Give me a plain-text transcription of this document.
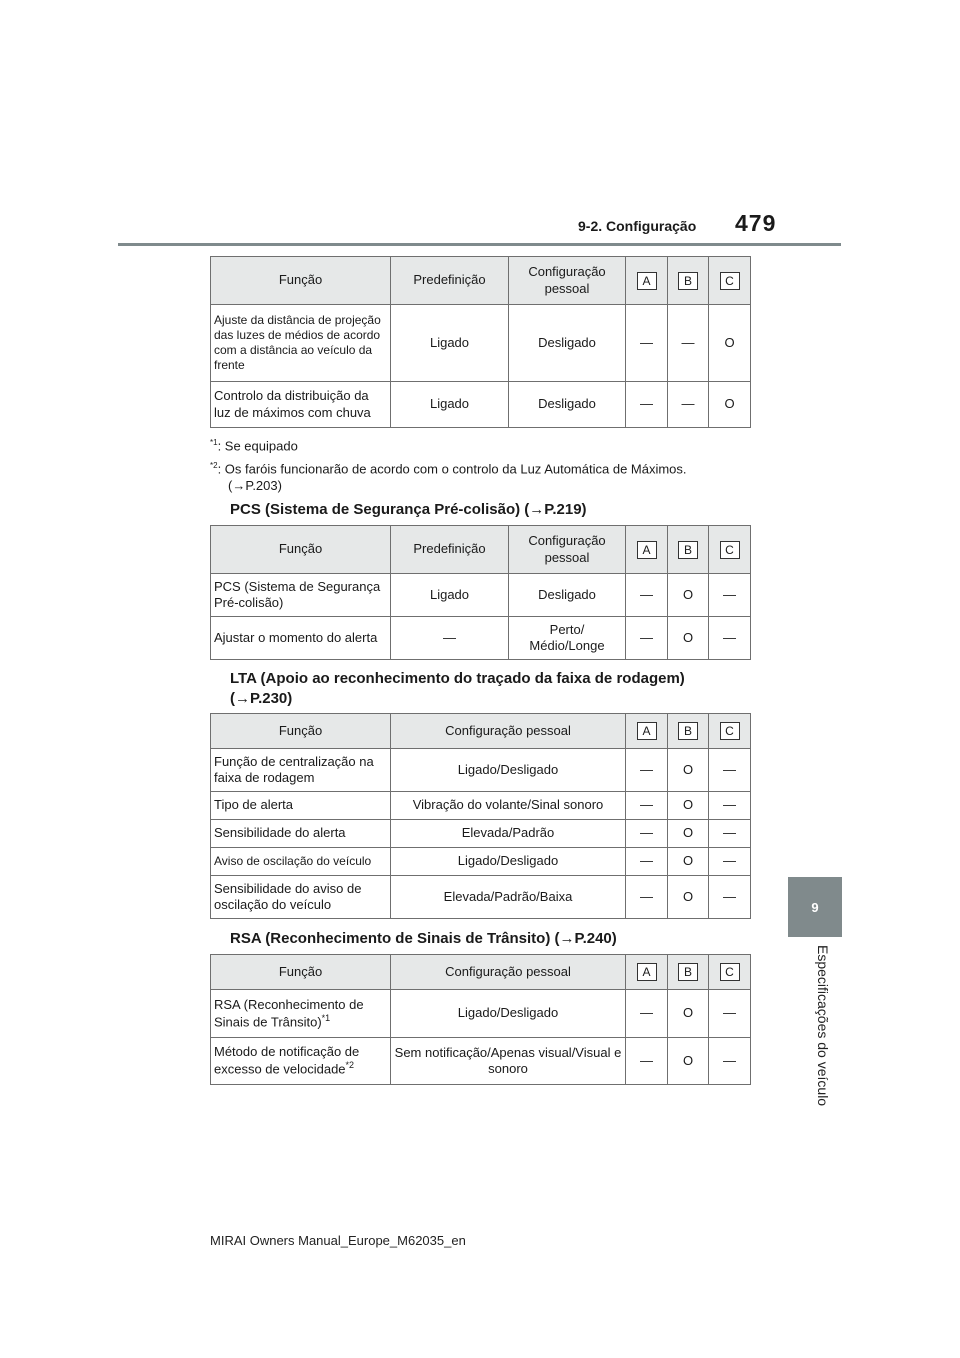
9-2. Configuração 479
9
Especificações do veículo
Função	Predefinição	Configuração pessoal	A	B	C
Ajuste da distância de projeção das luzes de médios de acordo com a distância ao veículo da frente	Ligado	Desligado	—	—	O
Controlo da distribuição da luz de máximos com chuva	Ligado	Desligado	—	—	O
$^{*1}$: Se equipado
$^{*2}$: Os faróis funcionarão de acordo com o controlo da Luz Automática de Máximos.
(→P.203)
PCS (Sistema de Segurança Pré-colisão) (→P.219)
Função	Predefinição	Configuração pessoal	A	B	C
PCS (Sistema de Segurança Pré-colisão)	Ligado	Desligado	—	O	—
Ajustar o momento do alerta	—	Perto/ Médio/Longe	—	O	—
LTA (Apoio ao reconhecimento do traçado da faixa de rodagem)
(→P.230)
Função	Configuração pessoal	A	B	C
Função de centralização na faixa de rodagem	Ligado/Desligado	—	O	—
Tipo de alerta	Vibração do volante/Sinal sonoro	—	O	—
Sensibilidade do alerta	Elevada/Padrão	—	O	—
Aviso de oscilação do veículo	Ligado/Desligado	—	O	—
Sensibilidade do aviso de oscilação do veículo	Elevada/Padrão/Baixa	—	O	—
RSA (Reconhecimento de Sinais de Trânsito) (→P.240)
Função	Configuração pessoal	A	B	C
RSA (Reconhecimento de Sinais de Trânsito)$^{*1}$	Ligado/Desligado	—	O	—
Método de notificação de excesso de velocidade$^{*2}$	Sem notificação/Apenas visual/Visual e sonoro	—	O	—
MIRAI Owners Manual_Europe_M62035_en
